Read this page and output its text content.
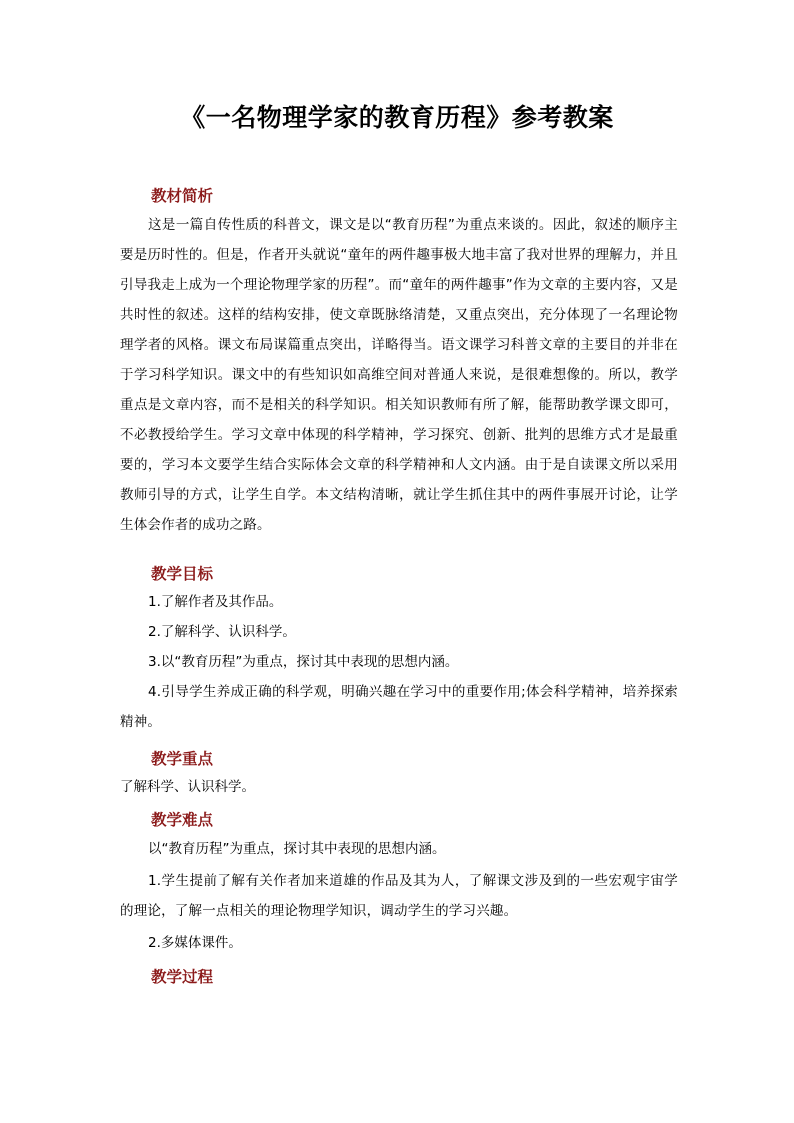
《一名物理学家的教育历程》参考教案
教材简析
这是一篇自传性质的科普文，课文是以“教育历程”为重点来谈的。因此，叙述的顺序主要是历时性的。但是，作者开头就说“童年的两件趣事极大地丰富了我对世界的理解力，并且引导我走上成为一个理论物理学家的历程”。而“童年的两件趣事”作为文章的主要内容，又是共时性的叙述。这样的结构安排，使文章既脉络清楚，又重点突出，充分体现了一名理论物理学者的风格。课文布局谋篇重点突出，详略得当。语文课学习科普文章的主要目的并非在于学习科学知识。课文中的有些知识如高维空间对普通人来说，是很难想像的。所以，教学重点是文章内容，而不是相关的科学知识。相关知识教师有所了解，能帮助教学课文即可，不必教授给学生。学习文章中体现的科学精神，学习探究、创新、批判的思维方式才是最重要的，学习本文要学生结合实际体会文章的科学精神和人文内涵。由于是自读课文所以采用教师引导的方式，让学生自学。本文结构清晰，就让学生抓住其中的两件事展开讨论，让学生体会作者的成功之路。
教学目标
1.了解作者及其作品。
2.了解科学、认识科学。
3.以“教育历程”为重点，探讨其中表现的思想内涵。
4.引导学生养成正确的科学观，明确兴趣在学习中的重要作用;体会科学精神，培养探索精神。
教学重点
了解科学、认识科学。
教学难点
以“教育历程”为重点，探讨其中表现的思想内涵。
1.学生提前了解有关作者加来道雄的作品及其为人，了解课文涉及到的一些宏观宇宙学的理论，了解一点相关的理论物理学知识，调动学生的学习兴趣。
2.多媒体课件。
教学过程
